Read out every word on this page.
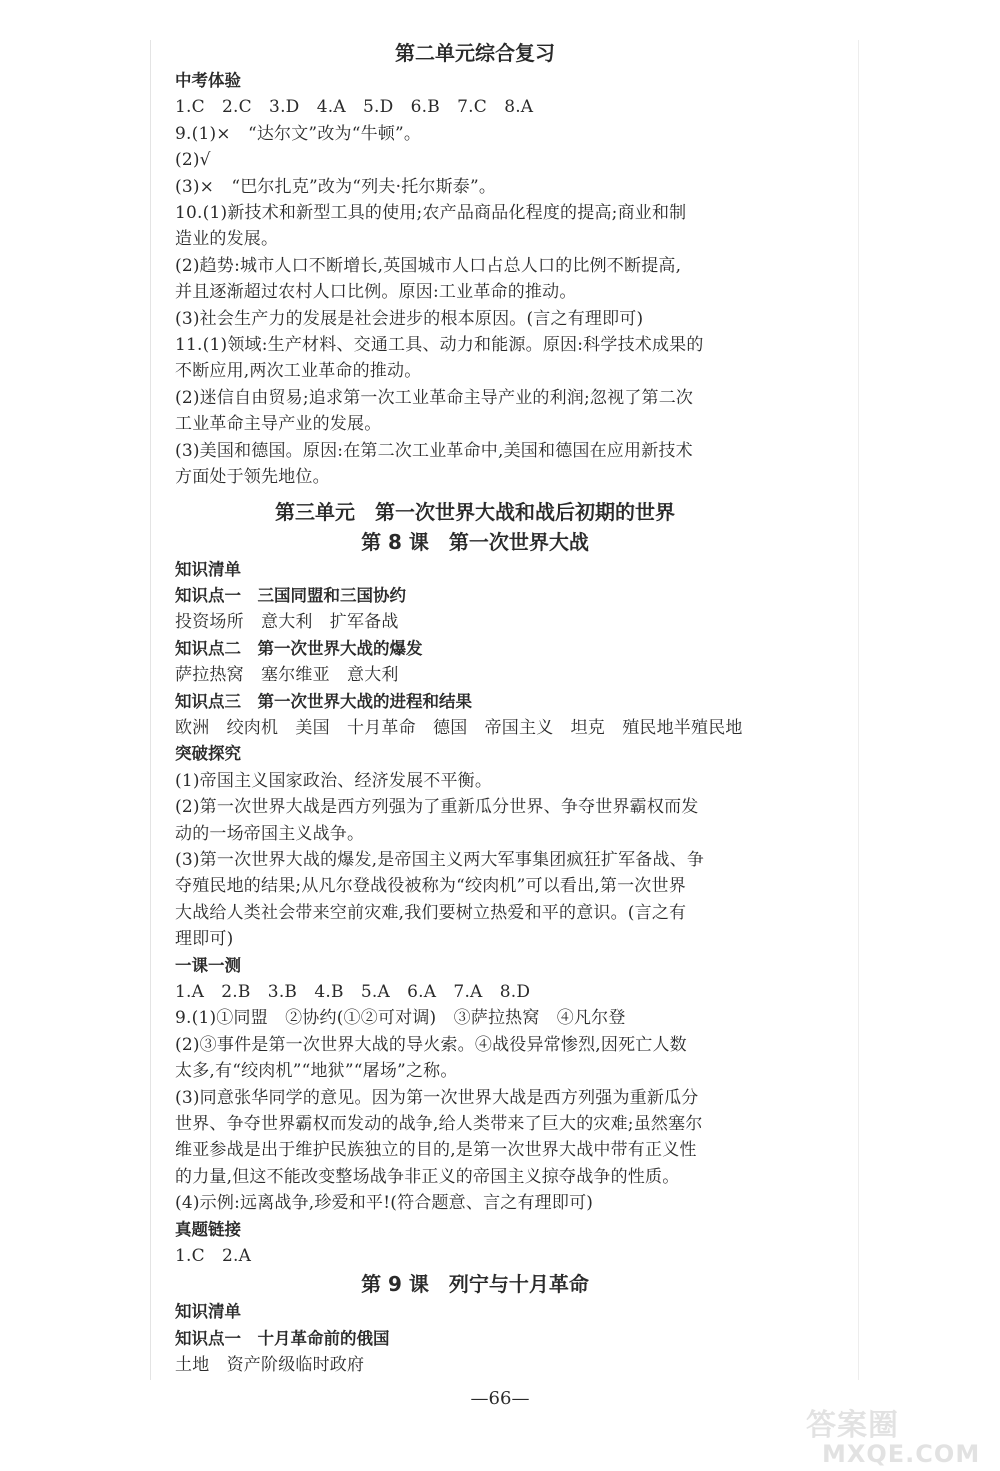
第二单元综合复习
中考体验
1.C　2.C　3.D　4.A　5.D　6.B　7.C　8.A
9.(1)×　“达尔文”改为“牛顿”。
(2)√
(3)×　“巴尔扎克”改为“列夫·托尔斯泰”。
10.(1)新技术和新型工具的使用;农产品商品化程度的提高;商业和制
造业的发展。
(2)趋势:城市人口不断增长,英国城市人口占总人口的比例不断提高,
并且逐渐超过农村人口比例。原因:工业革命的推动。
(3)社会生产力的发展是社会进步的根本原因。(言之有理即可)
11.(1)领域:生产材料、交通工具、动力和能源。原因:科学技术成果的
不断应用,两次工业革命的推动。
(2)迷信自由贸易;追求第一次工业革命主导产业的利润;忽视了第二次
工业革命主导产业的发展。
(3)美国和德国。原因:在第二次工业革命中,美国和德国在应用新技术
方面处于领先地位。
第三单元　第一次世界大战和战后初期的世界
第 8 课　第一次世界大战
知识清单
知识点一　三国同盟和三国协约
投资场所　意大利　扩军备战
知识点二　第一次世界大战的爆发
萨拉热窝　塞尔维亚　意大利
知识点三　第一次世界大战的进程和结果
欧洲　绞肉机　美国　十月革命　德国　帝国主义　坦克　殖民地半殖民地
突破探究
(1)帝国主义国家政治、经济发展不平衡。
(2)第一次世界大战是西方列强为了重新瓜分世界、争夺世界霸权而发
动的一场帝国主义战争。
(3)第一次世界大战的爆发,是帝国主义两大军事集团疯狂扩军备战、争
夺殖民地的结果;从凡尔登战役被称为“绞肉机”可以看出,第一次世界
大战给人类社会带来空前灾难,我们要树立热爱和平的意识。(言之有
理即可)
一课一测
1.A　2.B　3.B　4.B　5.A　6.A　7.A　8.D
9.(1)①同盟　②协约(①②可对调)　③萨拉热窝　④凡尔登
(2)③事件是第一次世界大战的导火索。④战役异常惨烈,因死亡人数
太多,有“绞肉机”“地狱”“屠场”之称。
(3)同意张华同学的意见。因为第一次世界大战是西方列强为重新瓜分
世界、争夺世界霸权而发动的战争,给人类带来了巨大的灾难;虽然塞尔
维亚参战是出于维护民族独立的目的,是第一次世界大战中带有正义性
的力量,但这不能改变整场战争非正义的帝国主义掠夺战争的性质。
(4)示例:远离战争,珍爱和平!(符合题意、言之有理即可)
真题链接
1.C　2.A
第 9 课　列宁与十月革命
知识清单
知识点一　十月革命前的俄国
土地　资产阶级临时政府
—66—
答案圈
MXQE.COM
